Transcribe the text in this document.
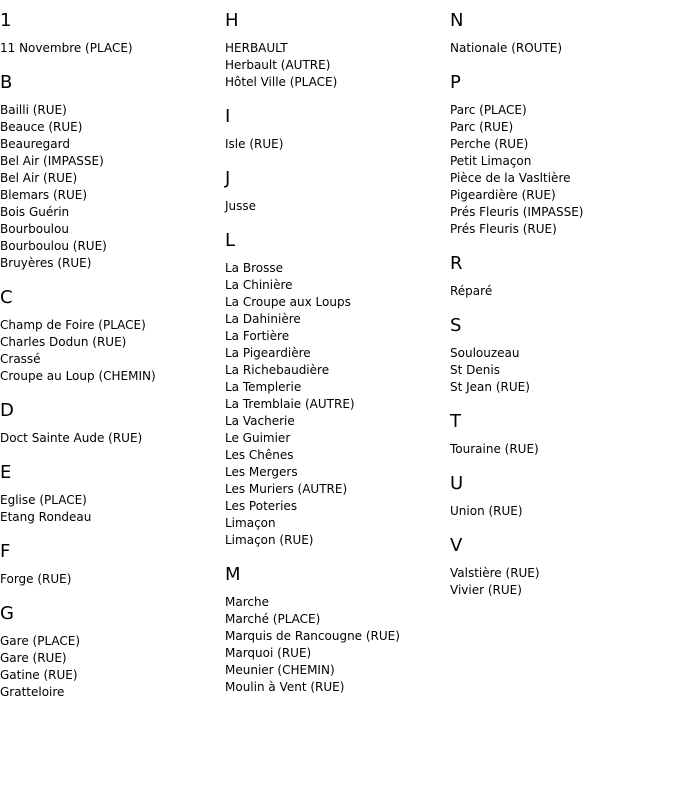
1
11 Novembre (PLACE)
B
Bailli (RUE)
Beauce (RUE)
Beauregard
Bel Air (IMPASSE)
Bel Air (RUE)
Blemars (RUE)
Bois Guérin
Bourboulou
Bourboulou (RUE)
Bruyères (RUE)
C
Champ de Foire (PLACE)
Charles Dodun (RUE)
Crassé
Croupe au Loup (CHEMIN)
D
Doct Sainte Aude (RUE)
E
Eglise (PLACE)
Etang Rondeau
F
Forge (RUE)
G
Gare (PLACE)
Gare (RUE)
Gatine (RUE)
Gratteloire
H
HERBAULT
Herbault (AUTRE)
Hôtel Ville (PLACE)
I
Isle (RUE)
J
Jusse
L
La Brosse
La Chinière
La Croupe aux Loups
La Dahinière
La Fortière
La Pigeardière
La Richebaudière
La Templerie
La Tremblaie (AUTRE)
La Vacherie
Le Guimier
Les Chênes
Les Mergers
Les Muriers (AUTRE)
Les Poteries
Limaçon
Limaçon (RUE)
M
Marche
Marché (PLACE)
Marquis de Rancougne (RUE)
Marquoi (RUE)
Meunier (CHEMIN)
Moulin à Vent (RUE)
N
Nationale (ROUTE)
P
Parc (PLACE)
Parc (RUE)
Perche (RUE)
Petit Limaçon
Pièce de la Vasltière
Pigeardière (RUE)
Prés Fleuris (IMPASSE)
Prés Fleuris (RUE)
R
Réparé
S
Soulouzeau
St Denis
St Jean (RUE)
T
Touraine (RUE)
U
Union (RUE)
V
Valstière (RUE)
Vivier (RUE)
